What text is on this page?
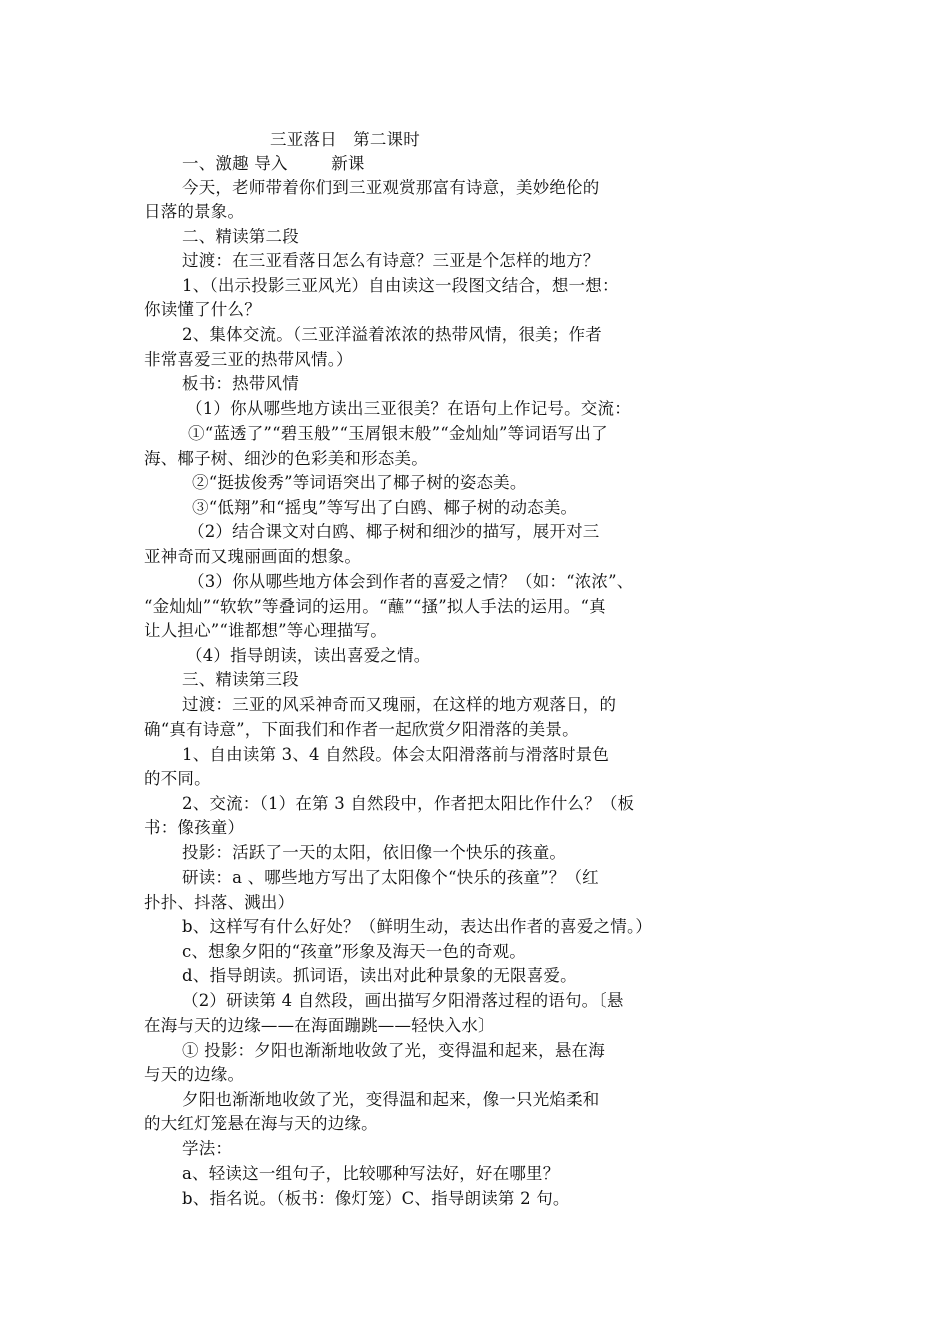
三亚落日   第二课时
一、激趣 导入        新课
今天，老师带着你们到三亚观赏那富有诗意，美妙绝伦的
日落的景象。
二、精读第二段
过渡：在三亚看落日怎么有诗意？三亚是个怎样的地方？
1、（出示投影三亚风光）自由读这一段图文结合，想一想：
你读懂了什么？
2、集体交流。（三亚洋溢着浓浓的热带风情，很美；作者
非常喜爱三亚的热带风情。）
板书：热带风情
（1）你从哪些地方读出三亚很美？在语句上作记号。交流：
①“蓝透了”“碧玉般”“玉屑银末般”“金灿灿”等词语写出了
海、椰子树、细沙的色彩美和形态美。
②“挺拔俊秀”等词语突出了椰子树的姿态美。
③“低翔”和“摇曳”等写出了白鸥、椰子树的动态美。
（2）结合课文对白鸥、椰子树和细沙的描写，展开对三
亚神奇而又瑰丽画面的想象。
（3）你从哪些地方体会到作者的喜爱之情？（如：“浓浓”、
“金灿灿”“软软”等叠词的运用。“蘸”“搔”拟人手法的运用。“真
让人担心”“谁都想”等心理描写。
（4）指导朗读，读出喜爱之情。
三、精读第三段
过渡：三亚的风采神奇而又瑰丽，在这样的地方观落日，的
确“真有诗意”，下面我们和作者一起欣赏夕阳滑落的美景。
1、自由读第 3、4 自然段。体会太阳滑落前与滑落时景色
的不同。
2、交流：（1）在第 3 自然段中，作者把太阳比作什么？（板
书：像孩童）
投影：活跃了一天的太阳，依旧像一个快乐的孩童。
研读：a 、哪些地方写出了太阳像个“快乐的孩童”？（红
扑扑、抖落、溅出）
b、这样写有什么好处？（鲜明生动，表达出作者的喜爱之情。）
c、想象夕阳的“孩童”形象及海天一色的奇观。
d、指导朗读。抓词语，读出对此种景象的无限喜爱。
（2）研读第 4 自然段，画出描写夕阳滑落过程的语句。〔悬
在海与天的边缘——在海面蹦跳——轻快入水〕
① 投影：夕阳也渐渐地收敛了光，变得温和起来，悬在海
与天的边缘。
夕阳也渐渐地收敛了光，变得温和起来，像一只光焰柔和
的大红灯笼悬在海与天的边缘。
学法：
a、轻读这一组句子，比较哪种写法好，好在哪里？
b、指名说。（板书：像灯笼）C、指导朗读第 2 句。
